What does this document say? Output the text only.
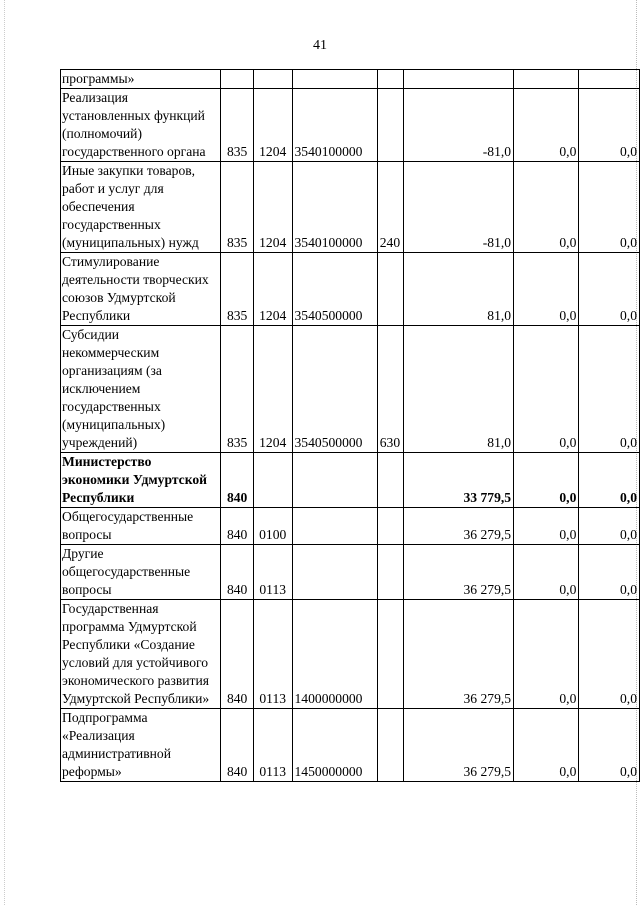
41
программы»							
Реализация установленных функций (полномочий) государственного органа	835	1204	3540100000		-81,0	0,0	0,0
Иные закупки товаров, работ и услуг для обеспечения государственных (муниципальных) нужд	835	1204	3540100000	240	-81,0	0,0	0,0
Стимулирование деятельности творческих союзов Удмуртской Республики	835	1204	3540500000		81,0	0,0	0,0
Субсидии некоммерческим организациям (за исключением государственных (муниципальных) учреждений)	835	1204	3540500000	630	81,0	0,0	0,0
Министерство экономики Удмуртской Республики	840				33 779,5	0,0	0,0
Общегосударственные вопросы	840	0100			36 279,5	0,0	0,0
Другие общегосударственные вопросы	840	0113			36 279,5	0,0	0,0
Государственная программа Удмуртской Республики «Создание условий для устойчивого экономического развития Удмуртской Республики»	840	0113	1400000000		36 279,5	0,0	0,0
Подпрограмма «Реализация административной реформы»	840	0113	1450000000		36 279,5	0,0	0,0
